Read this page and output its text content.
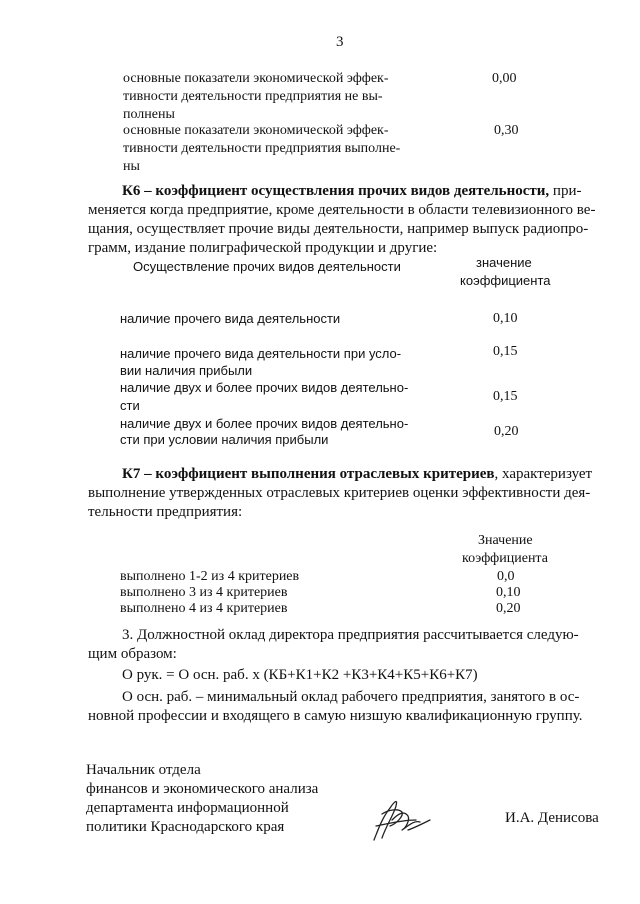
3
основные показатели экономической эффек-
тивности деятельности предприятия не вы-
полнены
0,00
основные показатели экономической эффек-
тивности деятельности предприятия выполне-
ны
0,30
К6 – коэффициент осуществления прочих видов деятельности, при-
меняется когда предприятие, кроме деятельности в области телевизионного ве-
щания, осуществляет прочие виды деятельности, например выпуск радиопро-
грамм, издание полиграфической продукции и другие:
Осуществление прочих видов деятельности	значение
коэффициента
наличие прочего вида деятельности	0,10
наличие прочего вида деятельности при усло-
вии наличия прибыли
0,15
наличие двух и более прочих видов деятельно-
сти
0,15
наличие двух и более прочих видов деятельно-
сти при условии наличия прибыли
0,20
К7 – коэффициент выполнения отраслевых критериев, характеризует
выполнение утвержденных отраслевых критериев оценки эффективности дея-
тельности предприятия:
Значение
коэффициента
выполнено 1-2 из 4 критериев	0,0
выполнено 3 из 4 критериев	0,10
выполнено 4 из 4 критериев	0,20
3. Должностной оклад директора предприятия рассчитывается следую-
щим образом:
О рук. = О осн. раб. х (КБ+К1+К2 +К3+К4+К5+К6+К7)
О осн. раб. – минимальный оклад рабочего предприятия, занятого в ос-
новной профессии и входящего в самую низшую квалификационную группу.
Начальник отдела
финансов и экономического анализа
департамента информационной
политики Краснодарского края
И.А. Денисова
